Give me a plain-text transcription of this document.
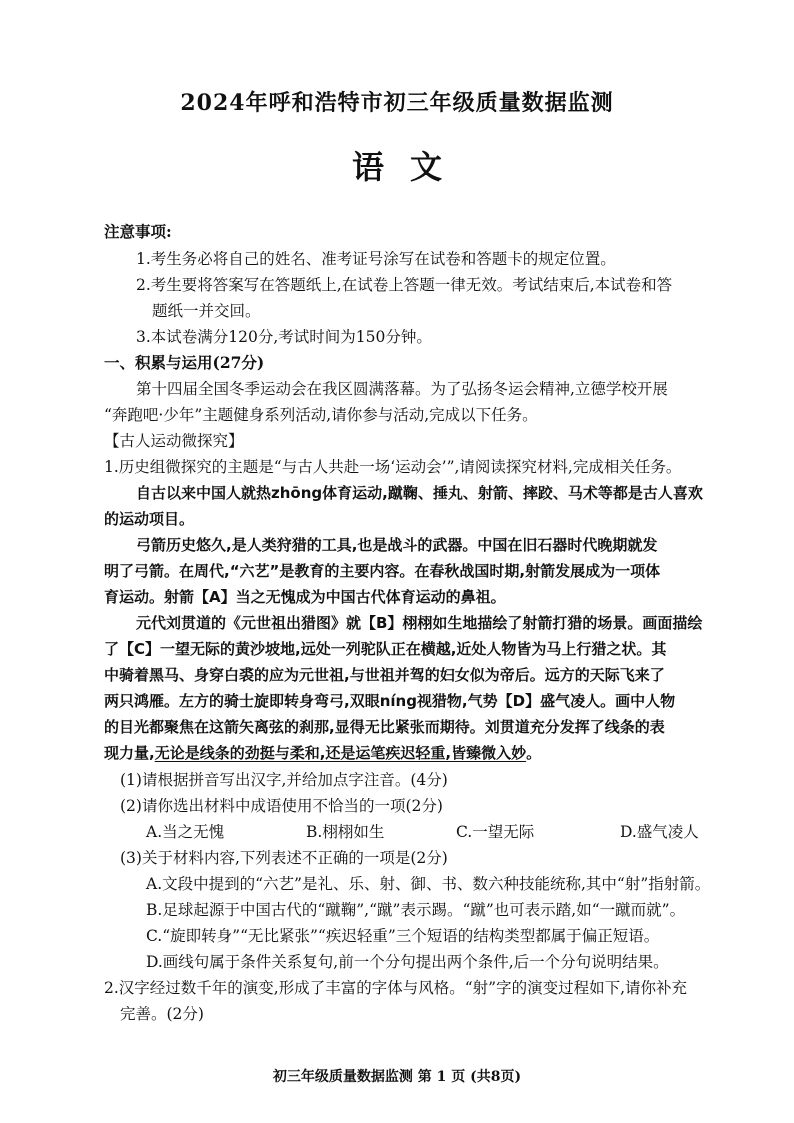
2024年呼和浩特市初三年级质量数据监测
语文
注意事项:
1.考生务必将自己的姓名、准考证号涂写在试卷和答题卡的规定位置。
2.考生要将答案写在答题纸上,在试卷上答题一律无效。考试结束后,本试卷和答
题纸一并交回。
3.本试卷满分120分,考试时间为150分钟。
一、积累与运用(27分)
第十四届全国冬季运动会在我区圆满落幕。为了弘扬冬运会精神,立德学校开展
“奔跑吧·少年”主题健身系列活动,请你参与活动,完成以下任务。
【古人运动微探究】
1.历史组微探究的主题是“与古人共赴一场‘运动会’”,请阅读探究材料,完成相关任务。
自古以来中国人就热zhōng体育运动,蹴鞠、捶丸、射箭、摔跤、马术等都是古人喜欢
的运动项目。
弓箭历史悠久,是人类狩猎的工具,也是战斗的武器。中国在旧石器时代晚期就发
明了弓箭。在周代,“六艺”是教育的主要内容。在春秋战国时期,射箭发展成为一项体
育运动。射箭【A】当之无愧成为中国古代体育运动的鼻祖。
元代刘贯道的《元世祖出猎图》就【B】栩栩如生地描绘了射箭打猎的场景。画面描绘
了【C】一望无际的黄沙坡地,远处一列驼队正在横越,近处人物皆为马上行猎之状。其
中骑着黑马、身穿白裘的应为元世祖,与世祖并驾的妇女似为帝后。远方的天际飞来了
两只鸿雁。左方的骑士旋即转身弯弓,双眼níng视猎物,气势【D】盛气凌人。画中人物
的目光都聚焦在这箭矢离弦的刹那,显得无比紧张而期待。刘贯道充分发挥了线条的表
现力量,无论是线条的劲挺与柔和,还是运笔疾迟轻重,皆臻微入妙。
(1)请根据拼音写出汉字,并给加点字注音。(4分)
(2)请你选出材料中成语使用不恰当的一项(2分)
A.当之无愧	B.栩栩如生	C.一望无际	D.盛气凌人
(3)关于材料内容,下列表述不正确的一项是(2分)
A.文段中提到的“六艺”是礼、乐、射、御、书、数六种技能统称,其中“射”指射箭。
B.足球起源于中国古代的“蹴鞠”,“蹴”表示踢。“蹴”也可表示踏,如“一蹴而就”。
C.“旋即转身”“无比紧张”“疾迟轻重”三个短语的结构类型都属于偏正短语。
D.画线句属于条件关系复句,前一个分句提出两个条件,后一个分句说明结果。
2.汉字经过数千年的演变,形成了丰富的字体与风格。“射”字的演变过程如下,请你补充
完善。(2分)
初三年级质量数据监测 第 1 页 (共8页)
